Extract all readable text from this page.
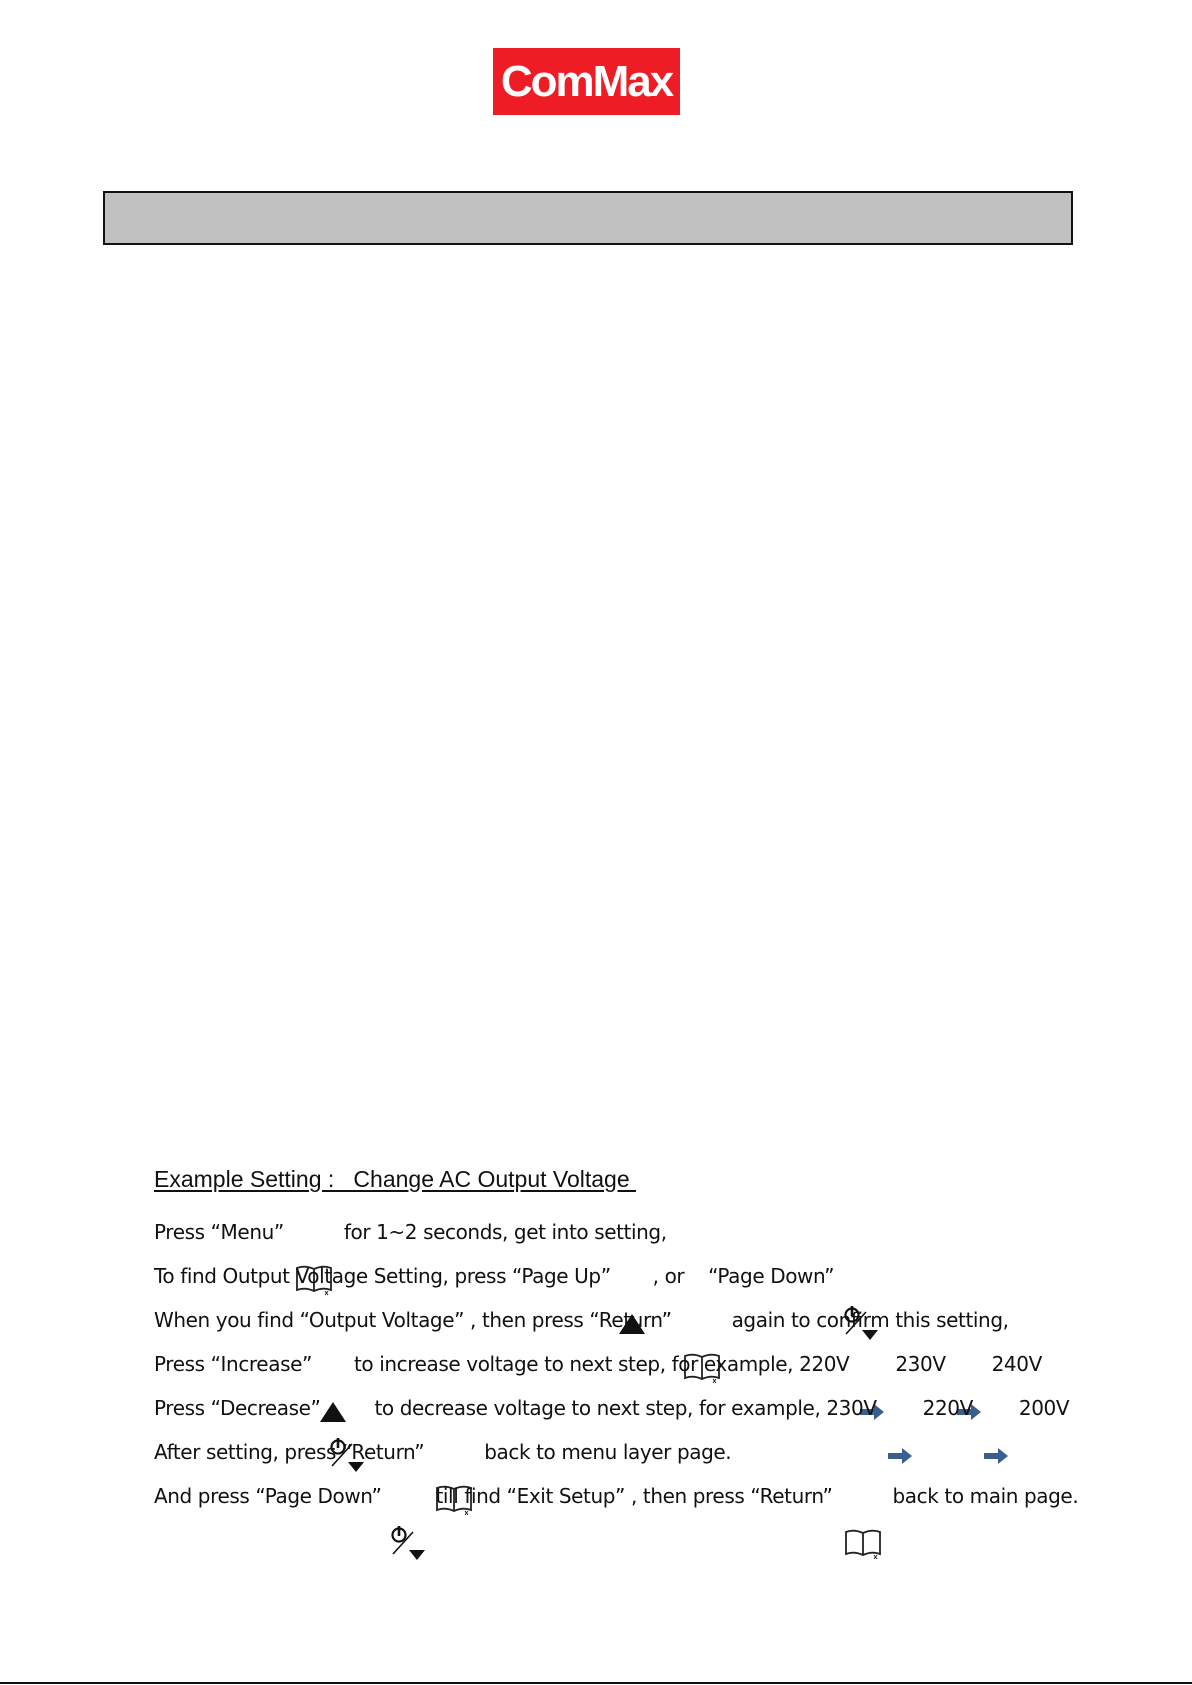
ComMax
Example Setting :   Change AC Output Voltage
Press “Menu”

	for 1~2 seconds, get into setting,
To find Output Voltage Setting, press “Page Up”

, or    “Page Down”

When you find “Output Voltage” , then press “Return”

	again to confirm this setting,
Press “Increase”

to increase voltage to next step, for example, 220V

230V

240V
Press “Decrease”

	to decrease voltage to next step, for example, 230V

220V

200V
After setting, press “Return”

	back to menu layer page.
And press “Page Down”

	till find “Exit Setup” , then press “Return”

	back to main page.
